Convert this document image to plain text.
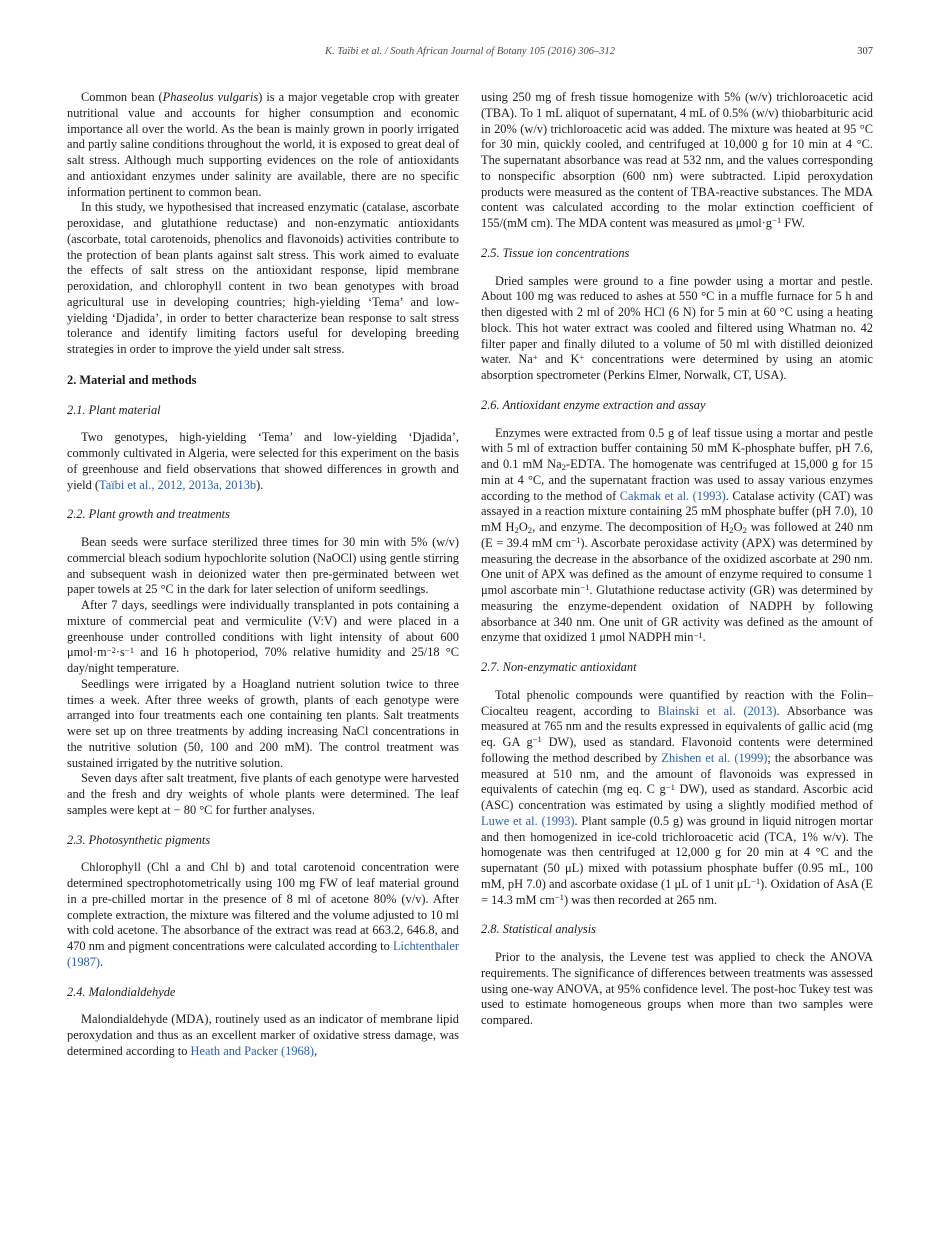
K. Taïbi et al. / South African Journal of Botany 105 (2016) 306–312	307

Common bean (Phaseolus vulgaris) is a major vegetable crop with greater nutritional value and accounts for higher consumption and economic importance all over the world. As the bean is mainly grown in poorly irrigated and partly saline conditions throughout the world, it is exposed to great deal of salt stress. Although much supporting evidences on the role of antioxidants and antioxidant enzymes under salinity are available, there are no specific information pertinent to common bean.

In this study, we hypothesised that increased enzymatic (catalase, ascorbate peroxidase, and glutathione reductase) and non-enzymatic antioxidants (ascorbate, total carotenoids, phenolics and flavonoids) activities contribute to the protection of bean plants against salt stress. This work aimed to evaluate the effects of salt stress on the antioxidant response, lipid membrane peroxidation, and chlorophyll content in two bean genotypes with broad agricultural use in developing countries; high-yielding ‘Tema’ and low-yielding ‘Djadida’, in order to better characterize bean response to salt stress tolerance and identify limiting factors useful for developing breeding strategies in order to improve the yield under salt stress.

2. Material and methods
2.1. Plant material

Two genotypes, high-yielding ‘Tema’ and low-yielding ‘Djadida’, commonly cultivated in Algeria, were selected for this experiment on the basis of greenhouse and field observations that showed differences in growth and yield (Taïbi et al., 2012, 2013a, 2013b).

2.2. Plant growth and treatments

Bean seeds were surface sterilized three times for 30 min with 5% (w/v) commercial bleach sodium hypochlorite solution (NaOCl) using gentle stirring and subsequent wash in deionized water then pre-germinated between wet paper towels at 25 °C in the dark for later selection of uniform seedlings.

After 7 days, seedlings were individually transplanted in pots containing a mixture of commercial peat and vermiculite (V:V) and were placed in a greenhouse under controlled conditions with light intensity of about 600 $\mu mol\cdot m^{-2}\cdot s^{-1}$ and 16 h photoperiod, 70% relative humidity and 25/18 °C day/night temperature.

Seedlings were irrigated by a Hoagland nutrient solution twice to three times a week. After three weeks of growth, plants of each genotype were arranged into four treatments each one containing ten plants. Salt treatments were set up on three treatments by adding increasing NaCl concentrations in the nutritive solution (50, 100 and 200 mM). The control treatment was sustained irrigated by the nutritive solution.

Seven days after salt treatment, five plants of each genotype were harvested and the fresh and dry weights of whole plants were determined. The leaf samples were kept at − 80 °C for further analyses.

2.3. Photosynthetic pigments

Chlorophyll (Chl a and Chl b) and total carotenoid concentration were determined spectrophotometrically using 100 mg FW of leaf material ground in a pre-chilled mortar in the presence of 8 ml of acetone 80% (v/v). After complete extraction, the mixture was filtered and the volume adjusted to 10 ml with cold acetone. The absorbance of the extract was read at 663.2, 646.8, and 470 nm and pigment concentrations were calculated according to Lichtenthaler (1987).

2.4. Malondialdehyde

Malondialdehyde (MDA), routinely used as an indicator of membrane lipid peroxydation and thus as an excellent marker of oxidative stress damage, was determined according to Heath and Packer (1968),

using 250 mg of fresh tissue homogenize with 5% (w/v) trichloroacetic acid (TBA). To 1 mL aliquot of supernatant, 4 mL of 0.5% (w/v) thiobarbituric acid in 20% (w/v) trichloroacetic acid was added. The mixture was heated at 95 °C for 30 min, quickly cooled, and centrifuged at 10,000 g for 10 min at 4 °C. The supernatant absorbance was read at 532 nm, and the values corresponding to nonspecific absorption (600 nm) were subtracted. Lipid peroxydation products were measured as the content of TBA-reactive substances. The MDA content was calculated according to the molar extinction coefficient of 155/(mM cm). The MDA content was measured as $\mu mol\cdot g^{-1}$ FW.

2.5. Tissue ion concentrations

Dried samples were ground to a fine powder using a mortar and pestle. About 100 mg was reduced to ashes at 550 °C in a muffle furnace for 5 h and then digested with 2 ml of 20% HCl (6 N) for 5 min at 60 °C using a heating block. This hot water extract was cooled and filtered using Whatman no. 42 filter paper and finally diluted to a volume of 50 ml with distilled deionized water. Na+ and K+ concentrations were determined by using an atomic absorption spectrometer (Perkins Elmer, Norwalk, CT, USA).

2.6. Antioxidant enzyme extraction and assay

Enzymes were extracted from 0.5 g of leaf tissue using a mortar and pestle with 5 ml of extraction buffer containing 50 mM K-phosphate buffer, pH 7.6, and 0.1 mM Na2-EDTA. The homogenate was centrifuged at 15,000 g for 15 min at 4 °C, and the supernatant fraction was used to assay various enzymes according to the method of Cakmak et al. (1993). Catalase activity (CAT) was assayed in a reaction mixture containing 25 mM phosphate buffer (pH 7.0), 10 mM H2O2, and enzyme. The decomposition of H2O2 was followed at 240 nm (E = 39.4 mM $cm^{-1}$). Ascorbate peroxidase activity (APX) was determined by measuring the decrease in the absorbance of the oxidized ascorbate at 290 nm. One unit of APX was defined as the amount of enzyme required to consume 1 μmol ascorbate $\min^{-1}$. Glutathione reductase activity (GR) was determined by measuring the enzyme-dependent oxidation of NADPH by following absorbance at 340 nm. One unit of GR activity was defined as the amount of enzyme that oxidized 1 μmol NADPH $\min^{-1}$.

2.7. Non-enzymatic antioxidant

Total phenolic compounds were quantified by reaction with the Folin–Ciocalteu reagent, according to Blainski et al. (2013). Absorbance was measured at 765 nm and the results expressed in equivalents of gallic acid (mg eq. GA $g^{-1}$ DW), used as standard. Flavonoid contents were determined following the method described by Zhishen et al. (1999); the absorbance was measured at 510 nm, and the amount of flavonoids was expressed in equivalents of catechin (mg eq. C $g^{-1}$ DW), used as standard. Ascorbic acid (ASC) concentration was estimated by using a slightly modified method of Luwe et al. (1993). Plant sample (0.5 g) was ground in liquid nitrogen mortar and then homogenized in ice-cold trichloroacetic acid (TCA, 1% w/v). The homogenate was then centrifuged at 12,000 g for 20 min at 4 °C and the supernatant (50 μL) mixed with potassium phosphate buffer (0.95 mL, 100 mM, pH 7.0) and ascorbate oxidase (1 μL of 1 unit $\mu L^{-1}$). Oxidation of AsA (E = 14.3 mM $cm^{-1}$) was then recorded at 265 nm.

2.8. Statistical analysis

Prior to the analysis, the Levene test was applied to check the ANOVA requirements. The significance of differences between treatments was assessed using one-way ANOVA, at 95% confidence level. The post-hoc Tukey test was used to estimate homogeneous groups when more than two samples were compared.
